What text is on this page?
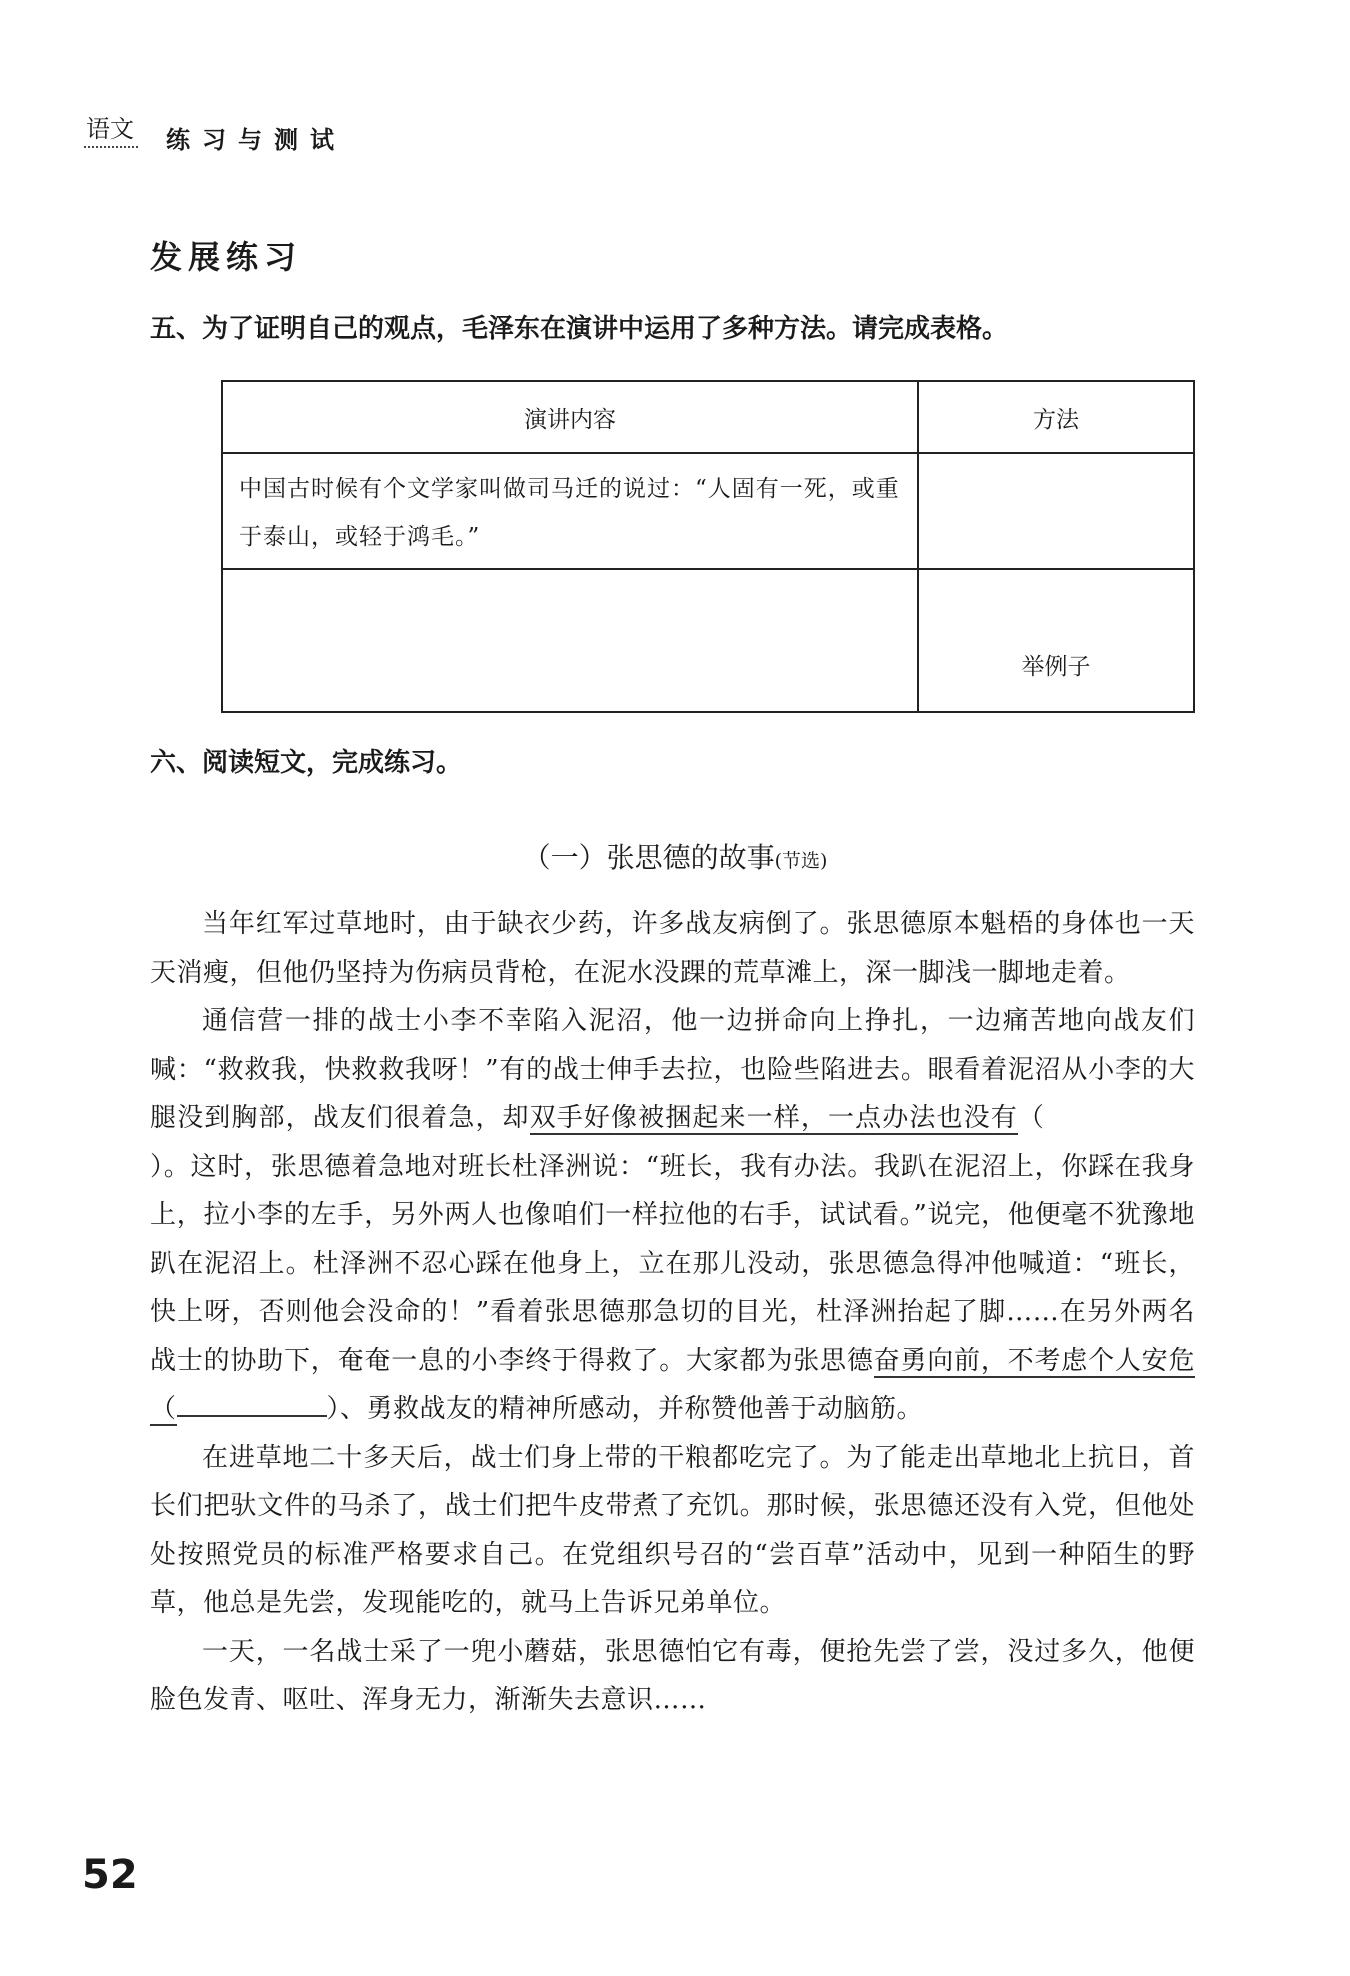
语文 练习与测试
发展练习
五、为了证明自己的观点，毛泽东在演讲中运用了多种方法。请完成表格。
演讲内容	方法
中国古时候有个文学家叫做司马迁的说过：“人固有一死，或重于泰山，或轻于鸿毛。”	
	举例子
六、阅读短文，完成练习。
（一）张思德的故事(节选)

当年红军过草地时，由于缺衣少药，许多战友病倒了。张思德原本魁梧的身体也一天天消瘦，但他仍坚持为伤病员背枪，在泥水没踝的荒草滩上，深一脚浅一脚地走着。

通信营一排的战士小李不幸陷入泥沼，他一边拼命向上挣扎，一边痛苦地向战友们喊：“救救我，快救救我呀！”有的战士伸手去拉，也险些陷进去。眼看着泥沼从小李的大腿没到胸部，战友们很着急，却双手好像被捆起来一样，一点办法也没有（）。这时，张思德着急地对班长杜泽洲说：“班长，我有办法。我趴在泥沼上，你踩在我身上，拉小李的左手，另外两人也像咱们一样拉他的右手，试试看。”说完，他便毫不犹豫地趴在泥沼上。杜泽洲不忍心踩在他身上，立在那儿没动，张思德急得冲他喊道：“班长，快上呀，否则他会没命的！”看着张思德那急切的目光，杜泽洲抬起了脚……在另外两名战士的协助下，奄奄一息的小李终于得救了。大家都为张思德奋勇向前，不考虑个人安危（	）、勇救战友的精神所感动，并称赞他善于动脑筋。

在进草地二十多天后，战士们身上带的干粮都吃完了。为了能走出草地北上抗日，首长们把驮文件的马杀了，战士们把牛皮带煮了充饥。那时候，张思德还没有入党，但他处处按照党员的标准严格要求自己。在党组织号召的“尝百草”活动中，见到一种陌生的野草，他总是先尝，发现能吃的，就马上告诉兄弟单位。

一天，一名战士采了一兜小蘑菇，张思德怕它有毒，便抢先尝了尝，没过多久，他便脸色发青、呕吐、浑身无力，渐渐失去意识……

52
